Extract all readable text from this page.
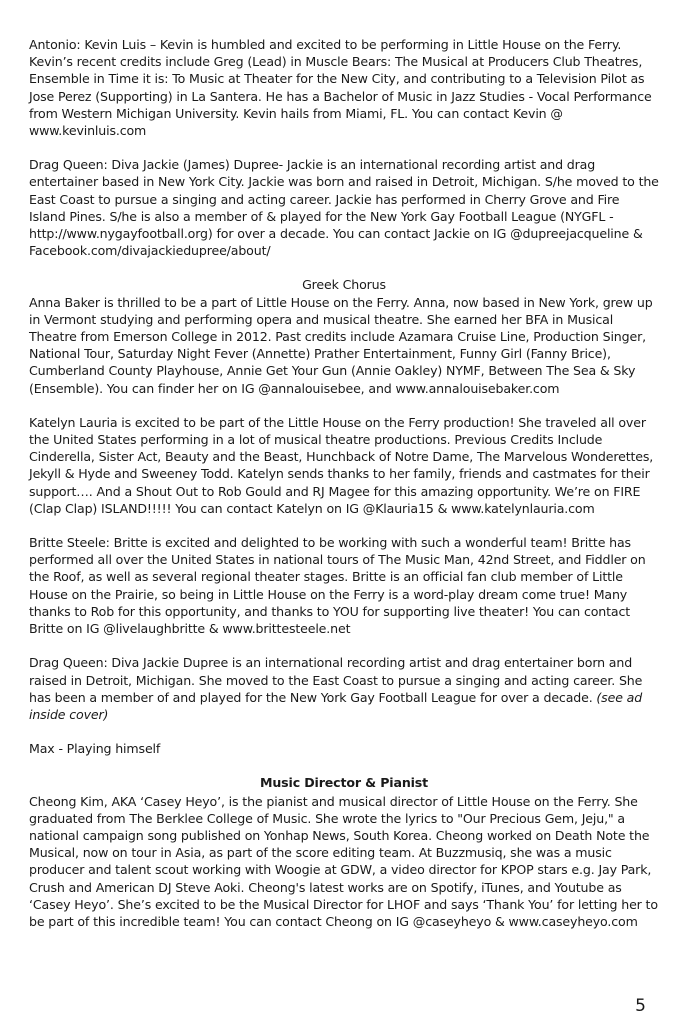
Antonio: Kevin Luis – Kevin is humbled and excited to be performing in Little House on the Ferry. Kevin’s recent credits include Greg (Lead) in Muscle Bears: The Musical at Producers Club Theatres, Ensemble in Time it is: To Music at Theater for the New City, and contributing to a Television Pilot as Jose Perez (Supporting) in La Santera. He has a Bachelor of Music in Jazz Studies - Vocal Performance from Western Michigan University. Kevin hails from Miami, FL. You can contact Kevin @ www.kevinluis.com

Drag Queen: Diva Jackie (James) Dupree- Jackie is an international recording artist and drag entertainer based in New York City. Jackie was born and raised in Detroit, Michigan. S/he moved to the East Coast to pursue a singing and acting career. Jackie has performed in Cherry Grove and Fire Island Pines. S/he is also a member of & played for the New York Gay Football League (NYGFL - http://www.nygayfootball.org) for over a decade. You can contact Jackie on IG @dupreejacqueline & Facebook.com/divajackiedupree/about/

Greek Chorus

Anna Baker is thrilled to be a part of Little House on the Ferry. Anna, now based in New York, grew up in Vermont studying and performing opera and musical theatre. She earned her BFA in Musical Theatre from Emerson College in 2012. Past credits include Azamara Cruise Line, Production Singer, National Tour, Saturday Night Fever (Annette) Prather Entertainment, Funny Girl (Fanny Brice), Cumberland County Playhouse, Annie Get Your Gun (Annie Oakley) NYMF, Between The Sea & Sky (Ensemble). You can finder her on IG @annalouisebee, and www.annalouisebaker.com

Katelyn Lauria is excited to be part of the Little House on the Ferry production! She traveled all over the United States performing in a lot of musical theatre productions. Previous Credits Include Cinderella, Sister Act, Beauty and the Beast, Hunchback of Notre Dame, The Marvelous Wonderettes, Jekyll & Hyde and Sweeney Todd. Katelyn sends thanks to her family, friends and castmates for their support…. And a Shout Out to Rob Gould and RJ Magee for this amazing opportunity. We’re on FIRE (Clap Clap) ISLAND!!!!! You can contact Katelyn on IG @Klauria15 & www.katelynlauria.com

Britte Steele: Britte is excited and delighted to be working with such a wonderful team! Britte has performed all over the United States in national tours of The Music Man, 42nd Street, and Fiddler on the Roof, as well as several regional theater stages. Britte is an official fan club member of Little House on the Prairie, so being in Little House on the Ferry is a word-play dream come true! Many thanks to Rob for this opportunity, and thanks to YOU for supporting live theater! You can contact Britte on IG @livelaughbritte & www.brittesteele.net

Drag Queen: Diva Jackie Dupree is an international recording artist and drag entertainer born and raised in Detroit, Michigan. She moved to the East Coast to pursue a singing and acting career. She has been a member of and played for the New York Gay Football League for over a decade. (see ad inside cover)

Max - Playing himself

Music Director & Pianist

Cheong Kim, AKA ‘Casey Heyo’, is the pianist and musical director of Little House on the Ferry. She graduated from The Berklee College of Music. She wrote the lyrics to "Our Precious Gem, Jeju," a national campaign song published on Yonhap News, South Korea. Cheong worked on Death Note the Musical, now on tour in Asia, as part of the score editing team. At Buzzmusiq, she was a music producer and talent scout working with Woogie at GDW, a video director for KPOP stars e.g. Jay Park, Crush and American DJ Steve Aoki. Cheong's latest works are on Spotify, iTunes, and Youtube as ‘Casey Heyo’. She’s excited to be the Musical Director for LHOF and says ‘Thank You’ for letting her to be part of this incredible team! You can contact Cheong on IG @caseyheyo & www.caseyheyo.com

5
